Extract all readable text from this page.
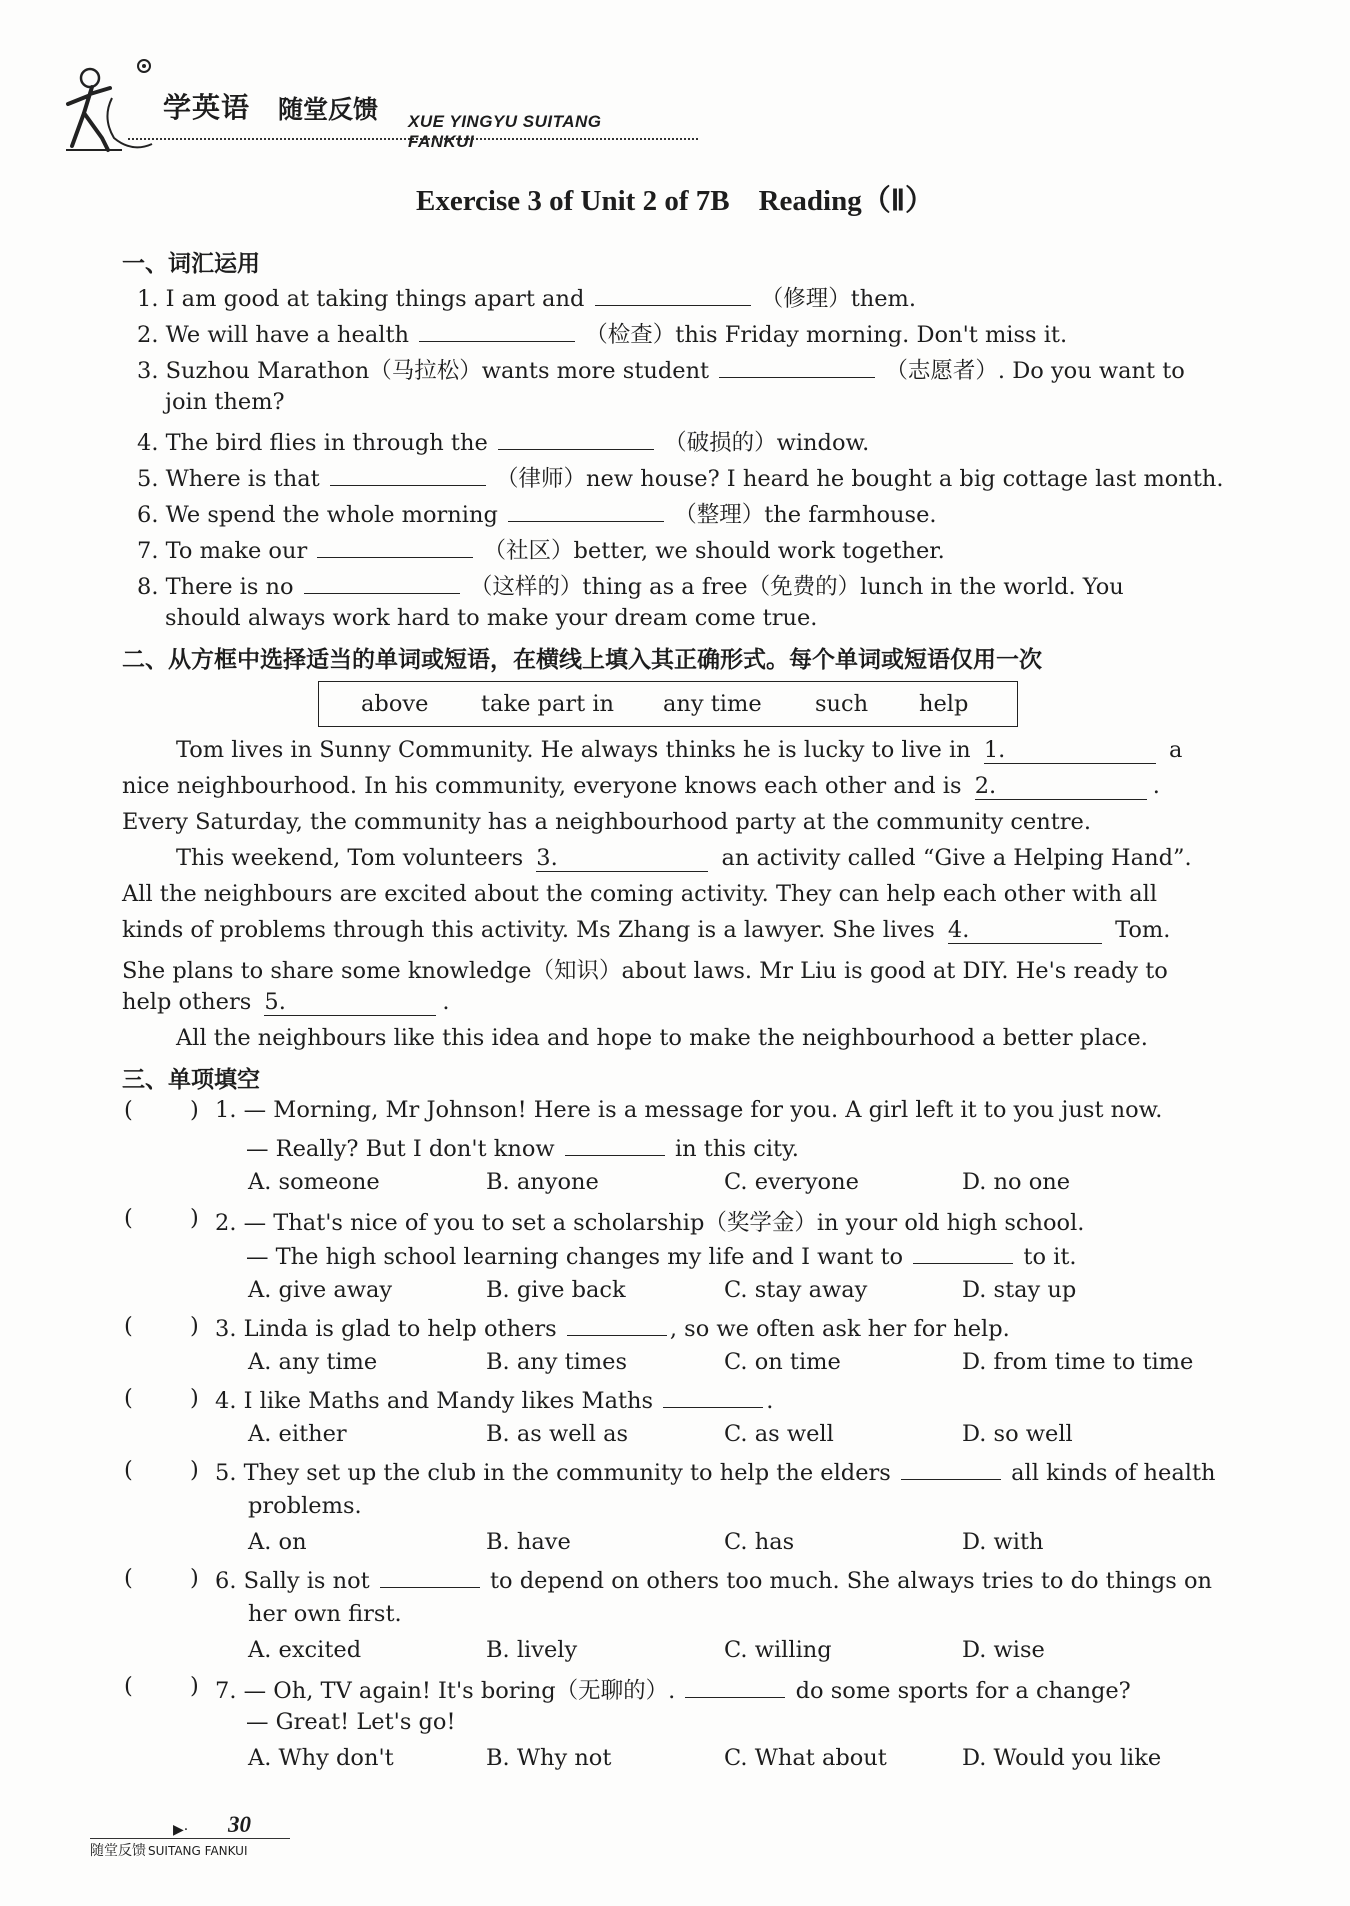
学英语 随堂反馈 XUE YINGYU SUITANG FANKUI
Exercise 3 of Unit 2 of 7B　Reading（Ⅱ）
一、词汇运用
1. I am good at taking things apart and	（修理）them.
2. We will have a health	（检查）this Friday morning. Don't miss it.
3. Suzhou Marathon（马拉松）wants more student	（志愿者）. Do you want to
join them?
4. The bird flies in through the	（破损的）window.
5. Where is that	（律师）new house? I heard he bought a big cottage last month.
6. We spend the whole morning	（整理）the farmhouse.
7. To make our	（社区）better, we should work together.
8. There is no	（这样的）thing as a free（免费的）lunch in the world. You
should always work hard to make your dream come true.
二、从方框中选择适当的单词或短语，在横线上填入其正确形式。每个单词或短语仅用一次
above take part in any time such help
Tom lives in Sunny Community. He always thinks he is lucky to live in 1.	a
nice neighbourhood. In his community, everyone knows each other and is 2.	.
Every Saturday, the community has a neighbourhood party at the community centre.
This weekend, Tom volunteers 3.	an activity called “Give a Helping Hand”.
All the neighbours are excited about the coming activity. They can help each other with all
kinds of problems through this activity. Ms Zhang is a lawyer. She lives 4.	Tom.
She plans to share some knowledge（知识）about laws. Mr Liu is good at DIY. He's ready to
help others 5.	.
All the neighbours like this idea and hope to make the neighbourhood a better place.
三、单项填空
(	) 1. — Morning, Mr Johnson! Here is a message for you. A girl left it to you just now.
— Really? But I don't know	in this city.
A. someone	B. anyone	C. everyone	D. no one
(	) 2. — That's nice of you to set a scholarship（奖学金）in your old high school.
— The high school learning changes my life and I want to	to it.
A. give away	B. give back	C. stay away	D. stay up
(	) 3. Linda is glad to help others	, so we often ask her for help.
A. any time	B. any times	C. on time	D. from time to time
(	) 4. I like Maths and Mandy likes Maths	.
A. either	B. as well as	C. as well	D. so well
(	) 5. They set up the club in the community to help the elders	all kinds of health
problems.
A. on	B. have	C. has	D. with
(	) 6. Sally is not	to depend on others too much. She always tries to do things on
her own first.
A. excited	B. lively	C. willing	D. wise
(	) 7. — Oh, TV again! It's boring（无聊的）.	do some sports for a change?
— Great! Let's go!
A. Why don't	B. Why not	C. What about	D. Would you like
▶· 30
随堂反馈 SUITANG FANKUI
